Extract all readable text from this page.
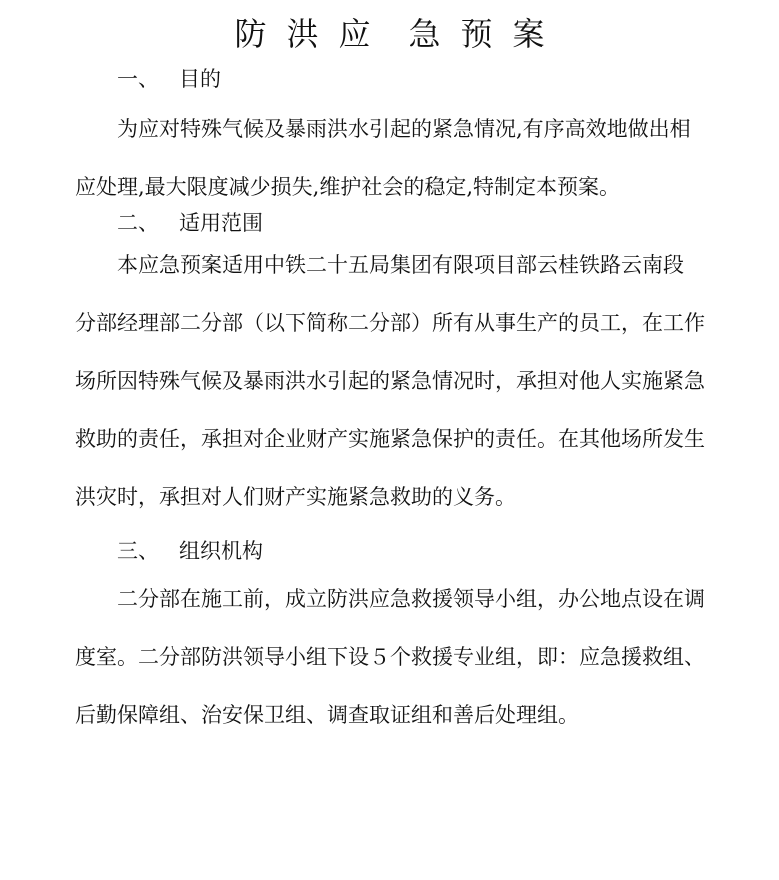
防 洪 应 急 预 案
一、 目的
为应对特殊气候及暴雨洪水引起的紧急情况,有序高效地做出相
应处理,最大限度减少损失,维护社会的稳定,特制定本预案。
二、 适用范围
本应急预案适用中铁二十五局集团有限项目部云桂铁路云南段
分部经理部二分部（以下简称二分部）所有从事生产的员工，在工作
场所因特殊气候及暴雨洪水引起的紧急情况时，承担对他人实施紧急
救助的责任，承担对企业财产实施紧急保护的责任。在其他场所发生
洪灾时，承担对人们财产实施紧急救助的义务。
三、 组织机构
二分部在施工前，成立防洪应急救援领导小组，办公地点设在调
度室。二分部防洪领导小组下设５个救援专业组，即：应急援救组、
后勤保障组、治安保卫组、调查取证组和善后处理组。
